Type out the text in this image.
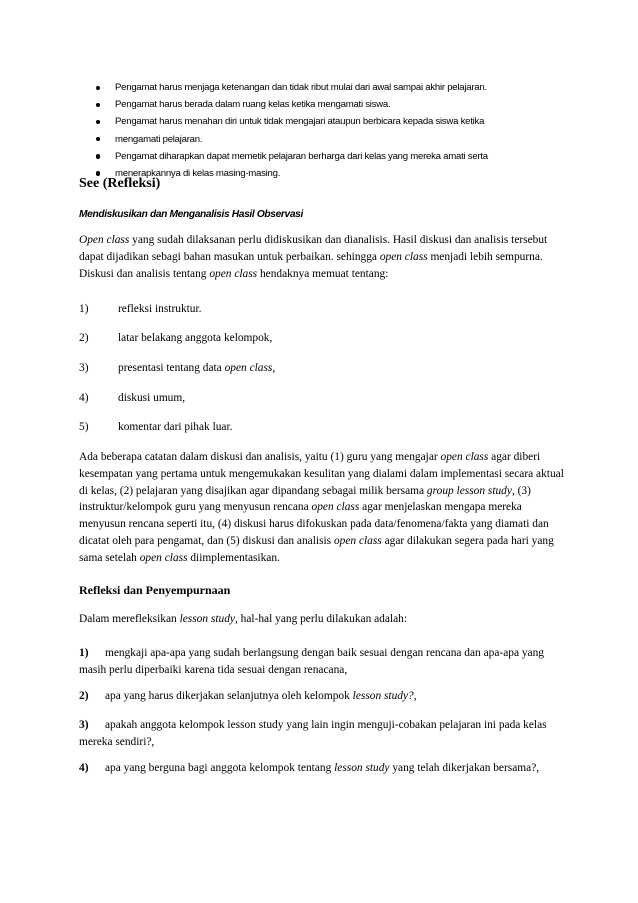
Pengamat harus menjaga ketenangan dan tidak ribut mulai dari awal sampai akhir pelajaran.
Pengamat harus berada dalam ruang kelas ketika mengamati siswa.
Pengamat harus menahan diri untuk tidak mengajari ataupun berbicara kepada siswa ketika
mengamati pelajaran.
Pengamat diharapkan dapat memetik pelajaran berharga dari kelas yang mereka amati serta
menerapkannya di kelas masing-masing.
See (Refleksi)
Mendiskusikan dan Menganalisis Hasil Observasi

Open class yang sudah dilaksanan perlu didiskusikan dan dianalisis. Hasil diskusi dan analisis tersebut dapat dijadikan sebagi bahan masukan untuk perbaikan. sehingga open class menjadi lebih sempurna. Diskusi dan analisis tentang open class hendaknya memuat tentang:

1)	refleksi instruktur.
2)	latar belakang anggota kelompok,
3)	presentasi tentang data open class,
4)	diskusi umum,
5)	komentar dari pihak luar.

Ada beberapa catatan dalam diskusi dan analisis, yaitu (1) guru yang mengajar open class agar diberi kesempatan yang pertama untuk mengemukakan kesulitan yang dialami dalam implementasi secara aktual di kelas, (2) pelajaran yang disajikan agar dipandang sebagai milik bersama group lesson study, (3) instruktur/kelompok guru yang menyusun rencana open class agar menjelaskan mengapa mereka menyusun rencana seperti itu, (4) diskusi harus difokuskan pada data/fenomena/fakta yang diamati dan dicatat oleh para pengamat, dan (5) diskusi dan analisis open class agar dilakukan segera pada hari yang sama setelah open class diimplementasikan.

Refleksi dan Penyempurnaan

Dalam merefleksikan lesson study, hal-hal yang perlu dilakukan adalah:

1) mengkaji apa-apa yang sudah berlangsung dengan baik sesuai dengan rencana dan apa-apa yang masih perlu diperbaiki karena tida sesuai dengan renacana,

2) apa yang harus dikerjakan selanjutnya oleh kelompok lesson study?,

3) apakah anggota kelompok lesson study yang lain ingin menguji-cobakan pelajaran ini pada kelas mereka sendiri?,

4) apa yang berguna bagi anggota kelompok tentang lesson study yang telah dikerjakan bersama?,
